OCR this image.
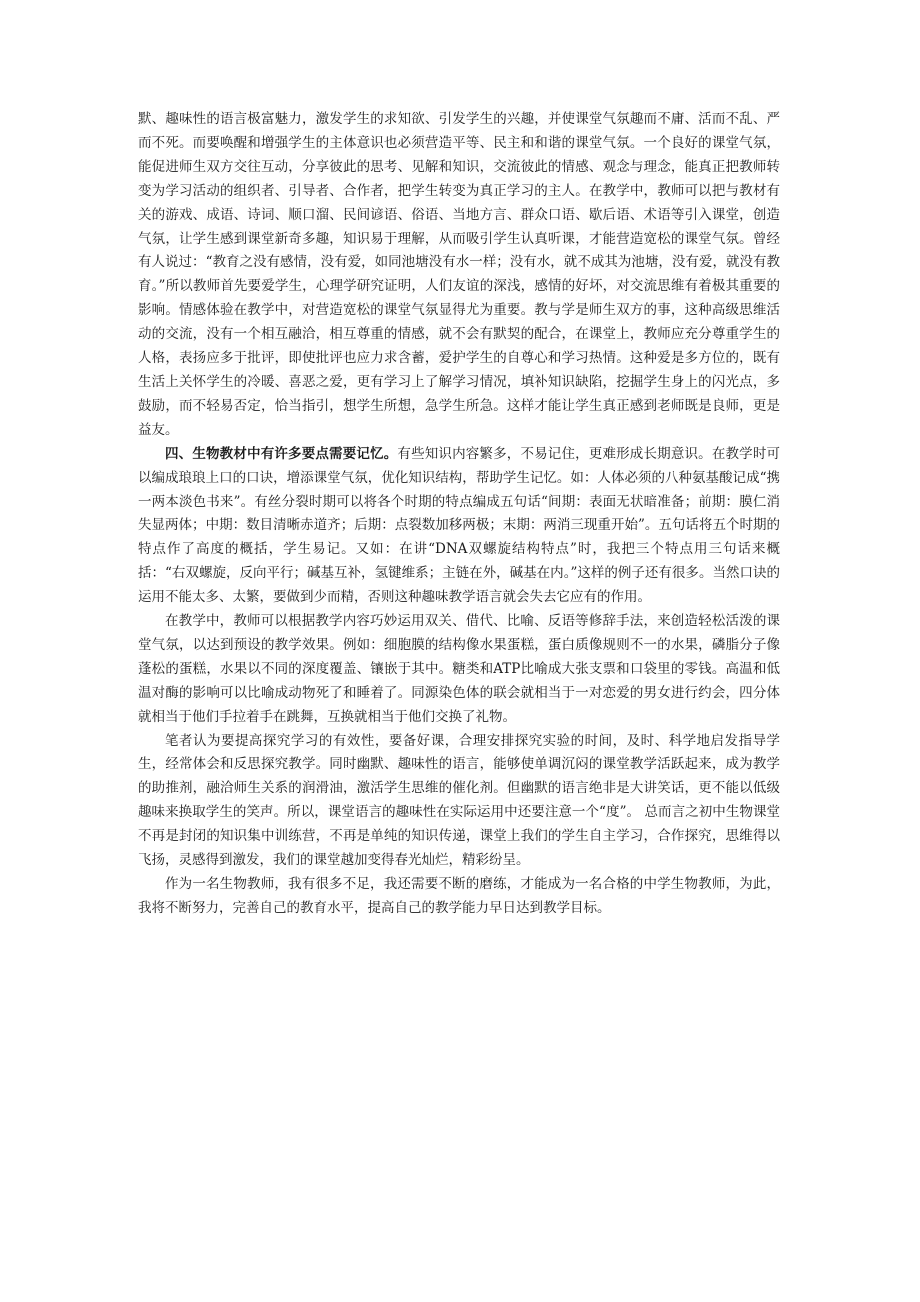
默、趣味性的语言极富魅力，激发学生的求知欲、引发学生的兴趣，并使课堂气氛趣而不庸、活而不乱、严而不死。而要唤醒和增强学生的主体意识也必须营造平等、民主和和谐的课堂气氛。一个良好的课堂气氛，能促进师生双方交往互动，分享彼此的思考、见解和知识，交流彼此的情感、观念与理念，能真正把教师转变为学习活动的组织者、引导者、合作者，把学生转变为真正学习的主人。在教学中，教师可以把与教材有关的游戏、成语、诗词、顺口溜、民间谚语、俗语、当地方言、群众口语、歇后语、术语等引入课堂，创造气氛，让学生感到课堂新奇多趣，知识易于理解，从而吸引学生认真听课，才能营造宽松的课堂气氛。曾经有人说过：“教育之没有感情，没有爱，如同池塘没有水一样；没有水，就不成其为池塘，没有爱，就没有教育。”所以教师首先要爱学生，心理学研究证明，人们友谊的深浅，感情的好坏，对交流思维有着极其重要的影响。情感体验在教学中，对营造宽松的课堂气氛显得尤为重要。教与学是师生双方的事，这种高级思维活动的交流，没有一个相互融洽，相互尊重的情感，就不会有默契的配合，在课堂上，教师应充分尊重学生的人格，表扬应多于批评，即使批评也应力求含蓄，爱护学生的自尊心和学习热情。这种爱是多方位的，既有生活上关怀学生的冷暖、喜恶之爱，更有学习上了解学习情况，填补知识缺陷，挖掘学生身上的闪光点，多鼓励，而不轻易否定，恰当指引，想学生所想，急学生所急。这样才能让学生真正感到老师既是良师，更是益友。

四、生物教材中有许多要点需要记忆。有些知识内容繁多，不易记住，更难形成长期意识。在教学时可以编成琅琅上口的口诀，增添课堂气氛，优化知识结构，帮助学生记忆。如：人体必须的八种氨基酸记成“携一两本淡色书来”。有丝分裂时期可以将各个时期的特点编成五句话“间期：表面无状暗准备；前期：膜仁消失显两体；中期：数目清晰赤道齐；后期：点裂数加移两极；末期：两消三现重开始”。五句话将五个时期的特点作了高度的概括，学生易记。又如：在讲“DNA双螺旋结构特点”时，我把三个特点用三句话来概括：“右双螺旋，反向平行；碱基互补，氢键维系；主链在外，碱基在内。”这样的例子还有很多。当然口诀的运用不能太多、太繁，要做到少而精，否则这种趣味教学语言就会失去它应有的作用。

在教学中，教师可以根据教学内容巧妙运用双关、借代、比喻、反语等修辞手法，来创造轻松活泼的课堂气氛，以达到预设的教学效果。例如：细胞膜的结构像水果蛋糕，蛋白质像规则不一的水果，磷脂分子像蓬松的蛋糕，水果以不同的深度覆盖、镶嵌于其中。糖类和ATP比喻成大张支票和口袋里的零钱。高温和低温对酶的影响可以比喻成动物死了和睡着了。同源染色体的联会就相当于一对恋爱的男女进行约会，四分体就相当于他们手拉着手在跳舞，互换就相当于他们交换了礼物。

笔者认为要提高探究学习的有效性，要备好课，合理安排探究实验的时间，及时、科学地启发指导学生，经常体会和反思探究教学。同时幽默、趣味性的语言，能够使单调沉闷的课堂教学活跃起来，成为教学的助推剂，融洽师生关系的润滑油，激活学生思维的催化剂。但幽默的语言绝非是大讲笑话，更不能以低级趣味来换取学生的笑声。所以，课堂语言的趣味性在实际运用中还要注意一个“度”。 总而言之初中生物课堂不再是封闭的知识集中训练营，不再是单纯的知识传递，课堂上我们的学生自主学习，合作探究，思维得以飞扬，灵感得到激发，我们的课堂越加变得春光灿烂，精彩纷呈。

作为一名生物教师，我有很多不足，我还需要不断的磨练，才能成为一名合格的中学生物教师，为此，我将不断努力，完善自己的教育水平，提高自己的教学能力早日达到教学目标。
